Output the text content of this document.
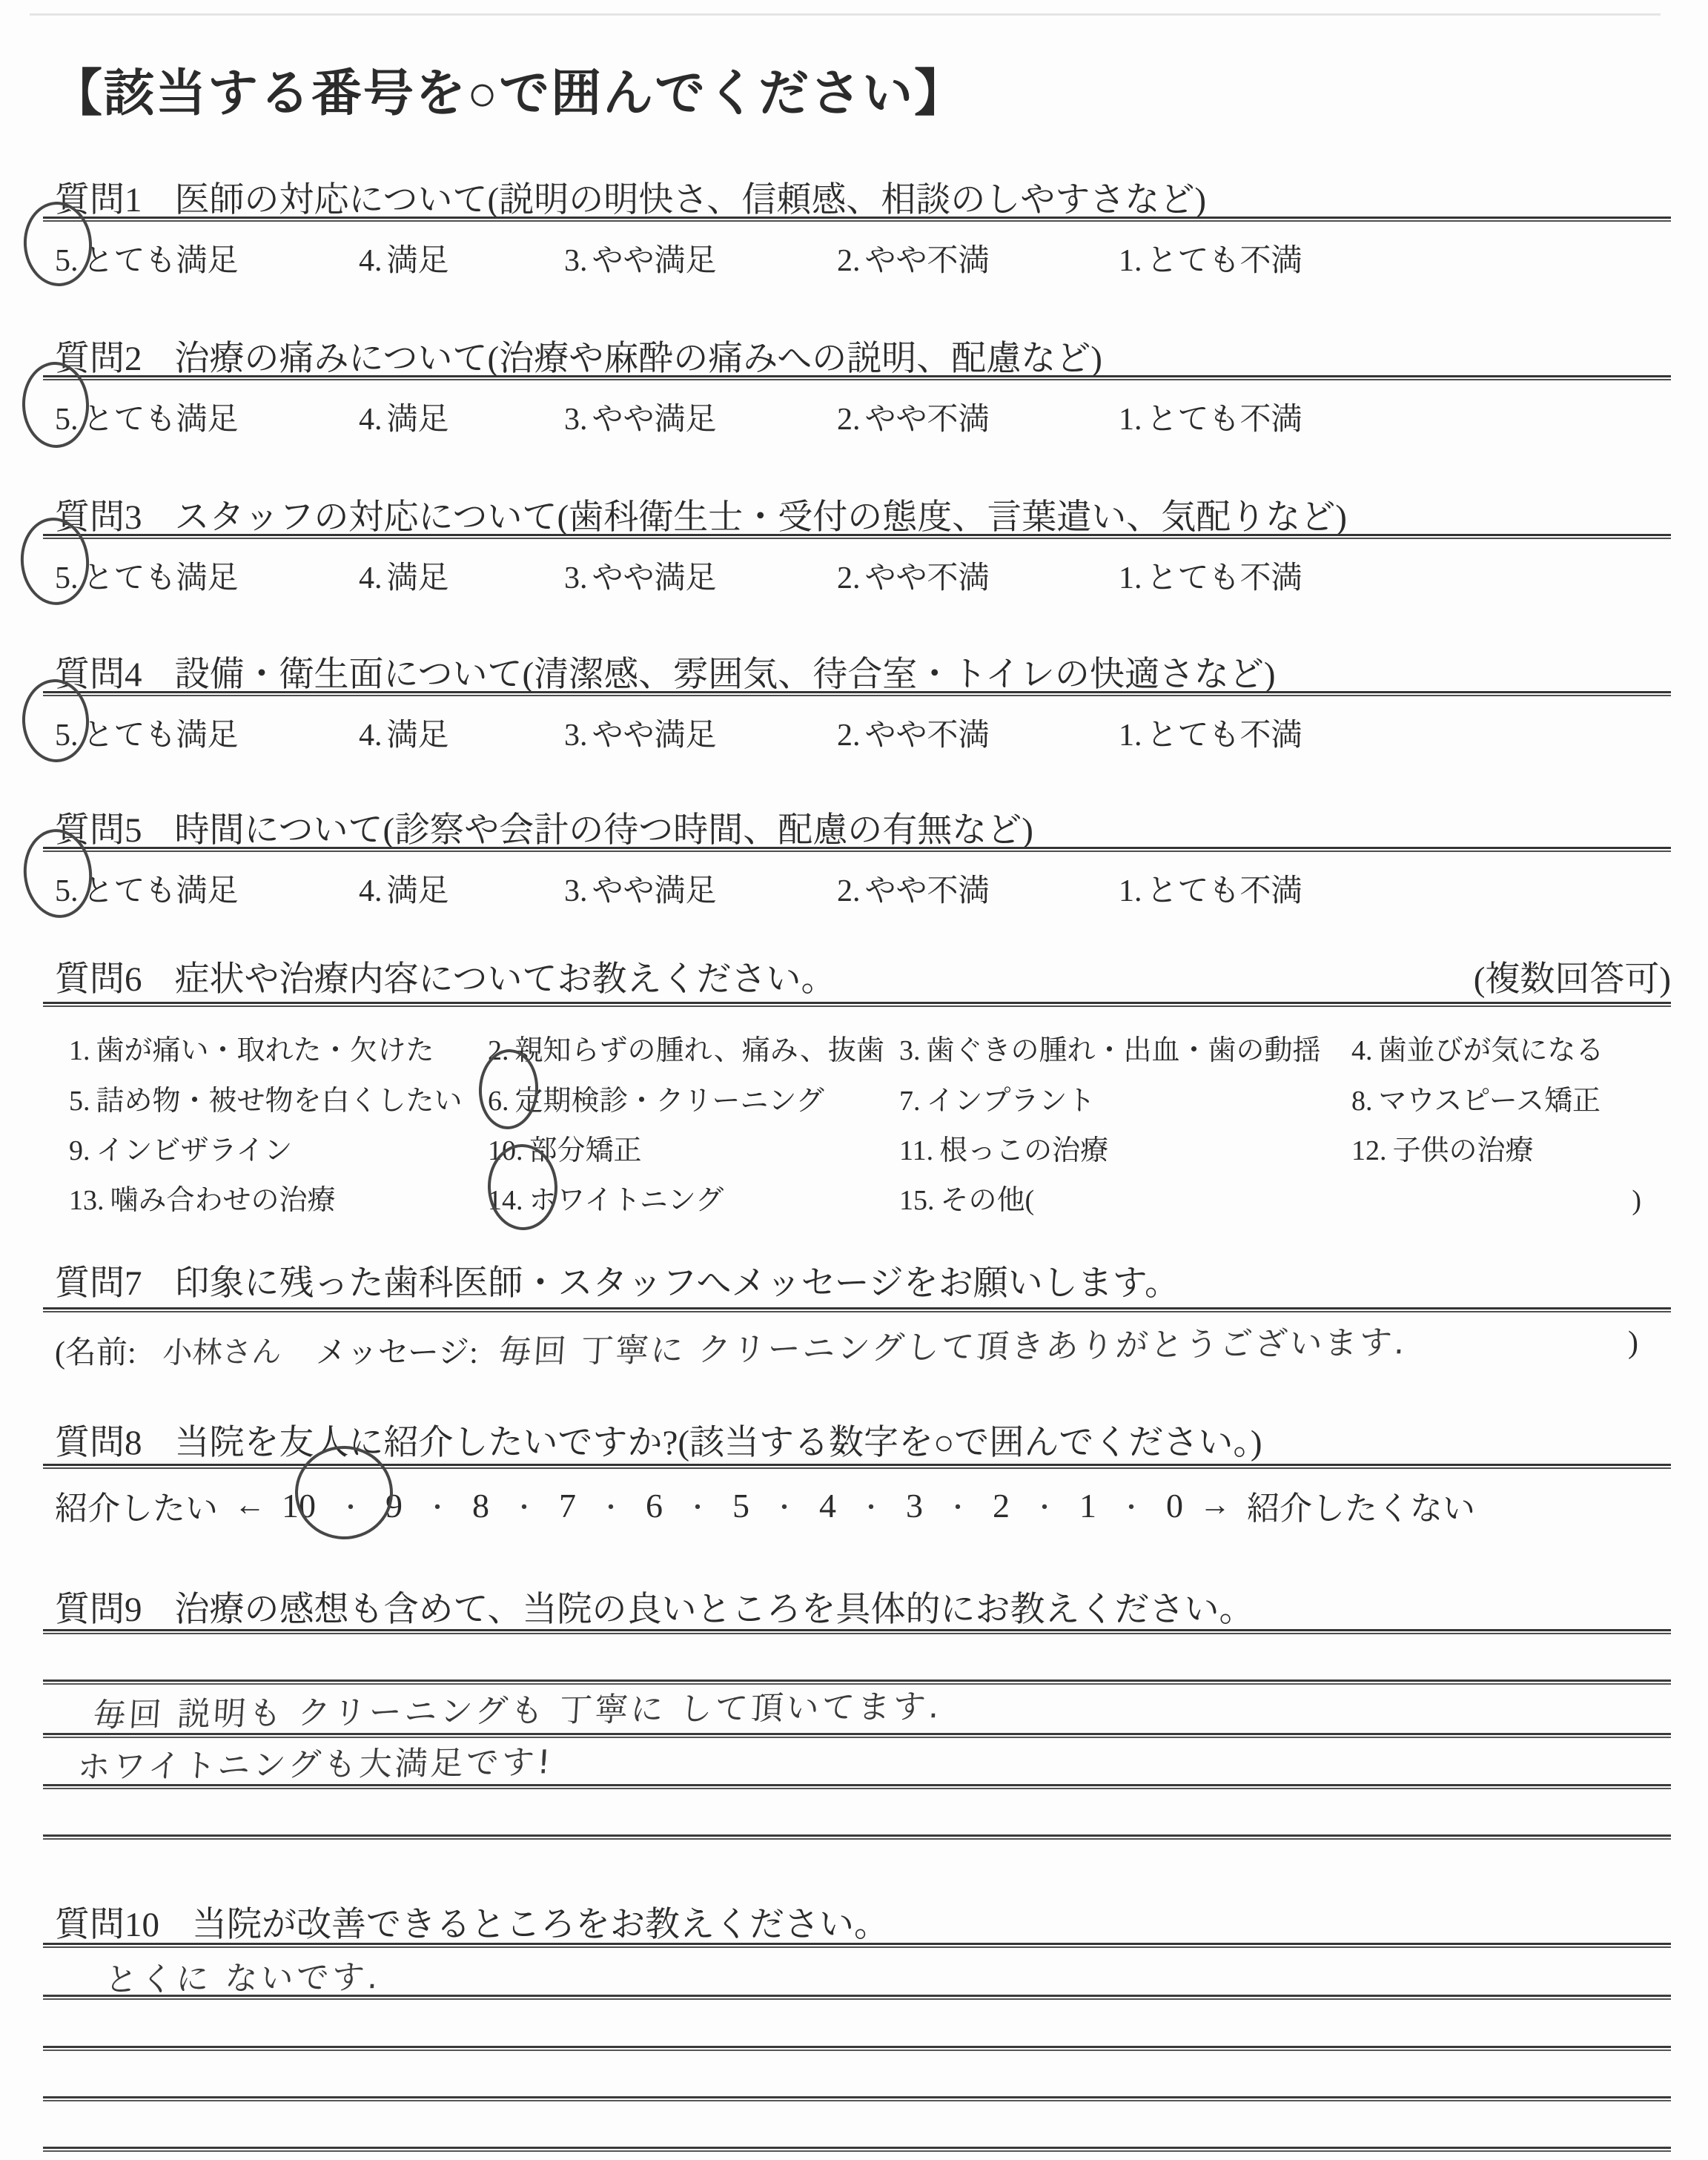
【該当する番号を○で囲んでください】
質問1 医師の対応について(説明の明快さ、信頼感、相談のしやすさなど)
5. とても満足	4. 満足	3. やや満足	2. やや不満	1. とても不満
質問2 治療の痛みについて(治療や麻酔の痛みへの説明、配慮など)
5. とても満足	4. 満足	3. やや満足	2. やや不満	1. とても不満
質問3 スタッフの対応について(歯科衛生士・受付の態度、言葉遣い、気配りなど)
5. とても満足	4. 満足	3. やや満足	2. やや不満	1. とても不満
質問4 設備・衛生面について(清潔感、雰囲気、待合室・トイレの快適さなど)
5. とても満足	4. 満足	3. やや満足	2. やや不満	1. とても不満
質問5 時間について(診察や会計の待つ時間、配慮の有無など)
5. とても満足	4. 満足	3. やや満足	2. やや不満	1. とても不満
質問6 症状や治療内容についてお教えください。	(複数回答可)
1. 歯が痛い・取れた・欠けた 2. 親知らずの腫れ、痛み、抜歯 3. 歯ぐきの腫れ・出血・歯の動揺 4. 歯並びが気になる
5. 詰め物・被せ物を白くしたい 6. 定期検診・クリーニング	7. インプラント	8. マウスピース矯正
9. インビザライン	10. 部分矯正	11. 根っこの治療	12. 子供の治療
13. 噛み合わせの治療	14. ホワイトニング	15. その他(	)
質問7 印象に残った歯科医師・スタッフへメッセージをお願いします。
(名前: 小林さん メッセージ: 毎回 丁寧に クリーニングして頂きありがとうございます.	)
質問8 当院を友人に紹介したいですか?(該当する数字を○で囲んでください。)
紹介したい ← 10 ・ 9 ・ 8 ・ 7 ・ 6 ・ 5 ・ 4 ・ 3 ・ 2 ・ 1 ・ 0 → 紹介したくない
質問9 治療の感想も含めて、当院の良いところを具体的にお教えください。
毎回 説明も クリーニングも 丁寧に して頂いてます.
ホワイトニングも大満足です!
質問10 当院が改善できるところをお教えください。
とくに ないです.
